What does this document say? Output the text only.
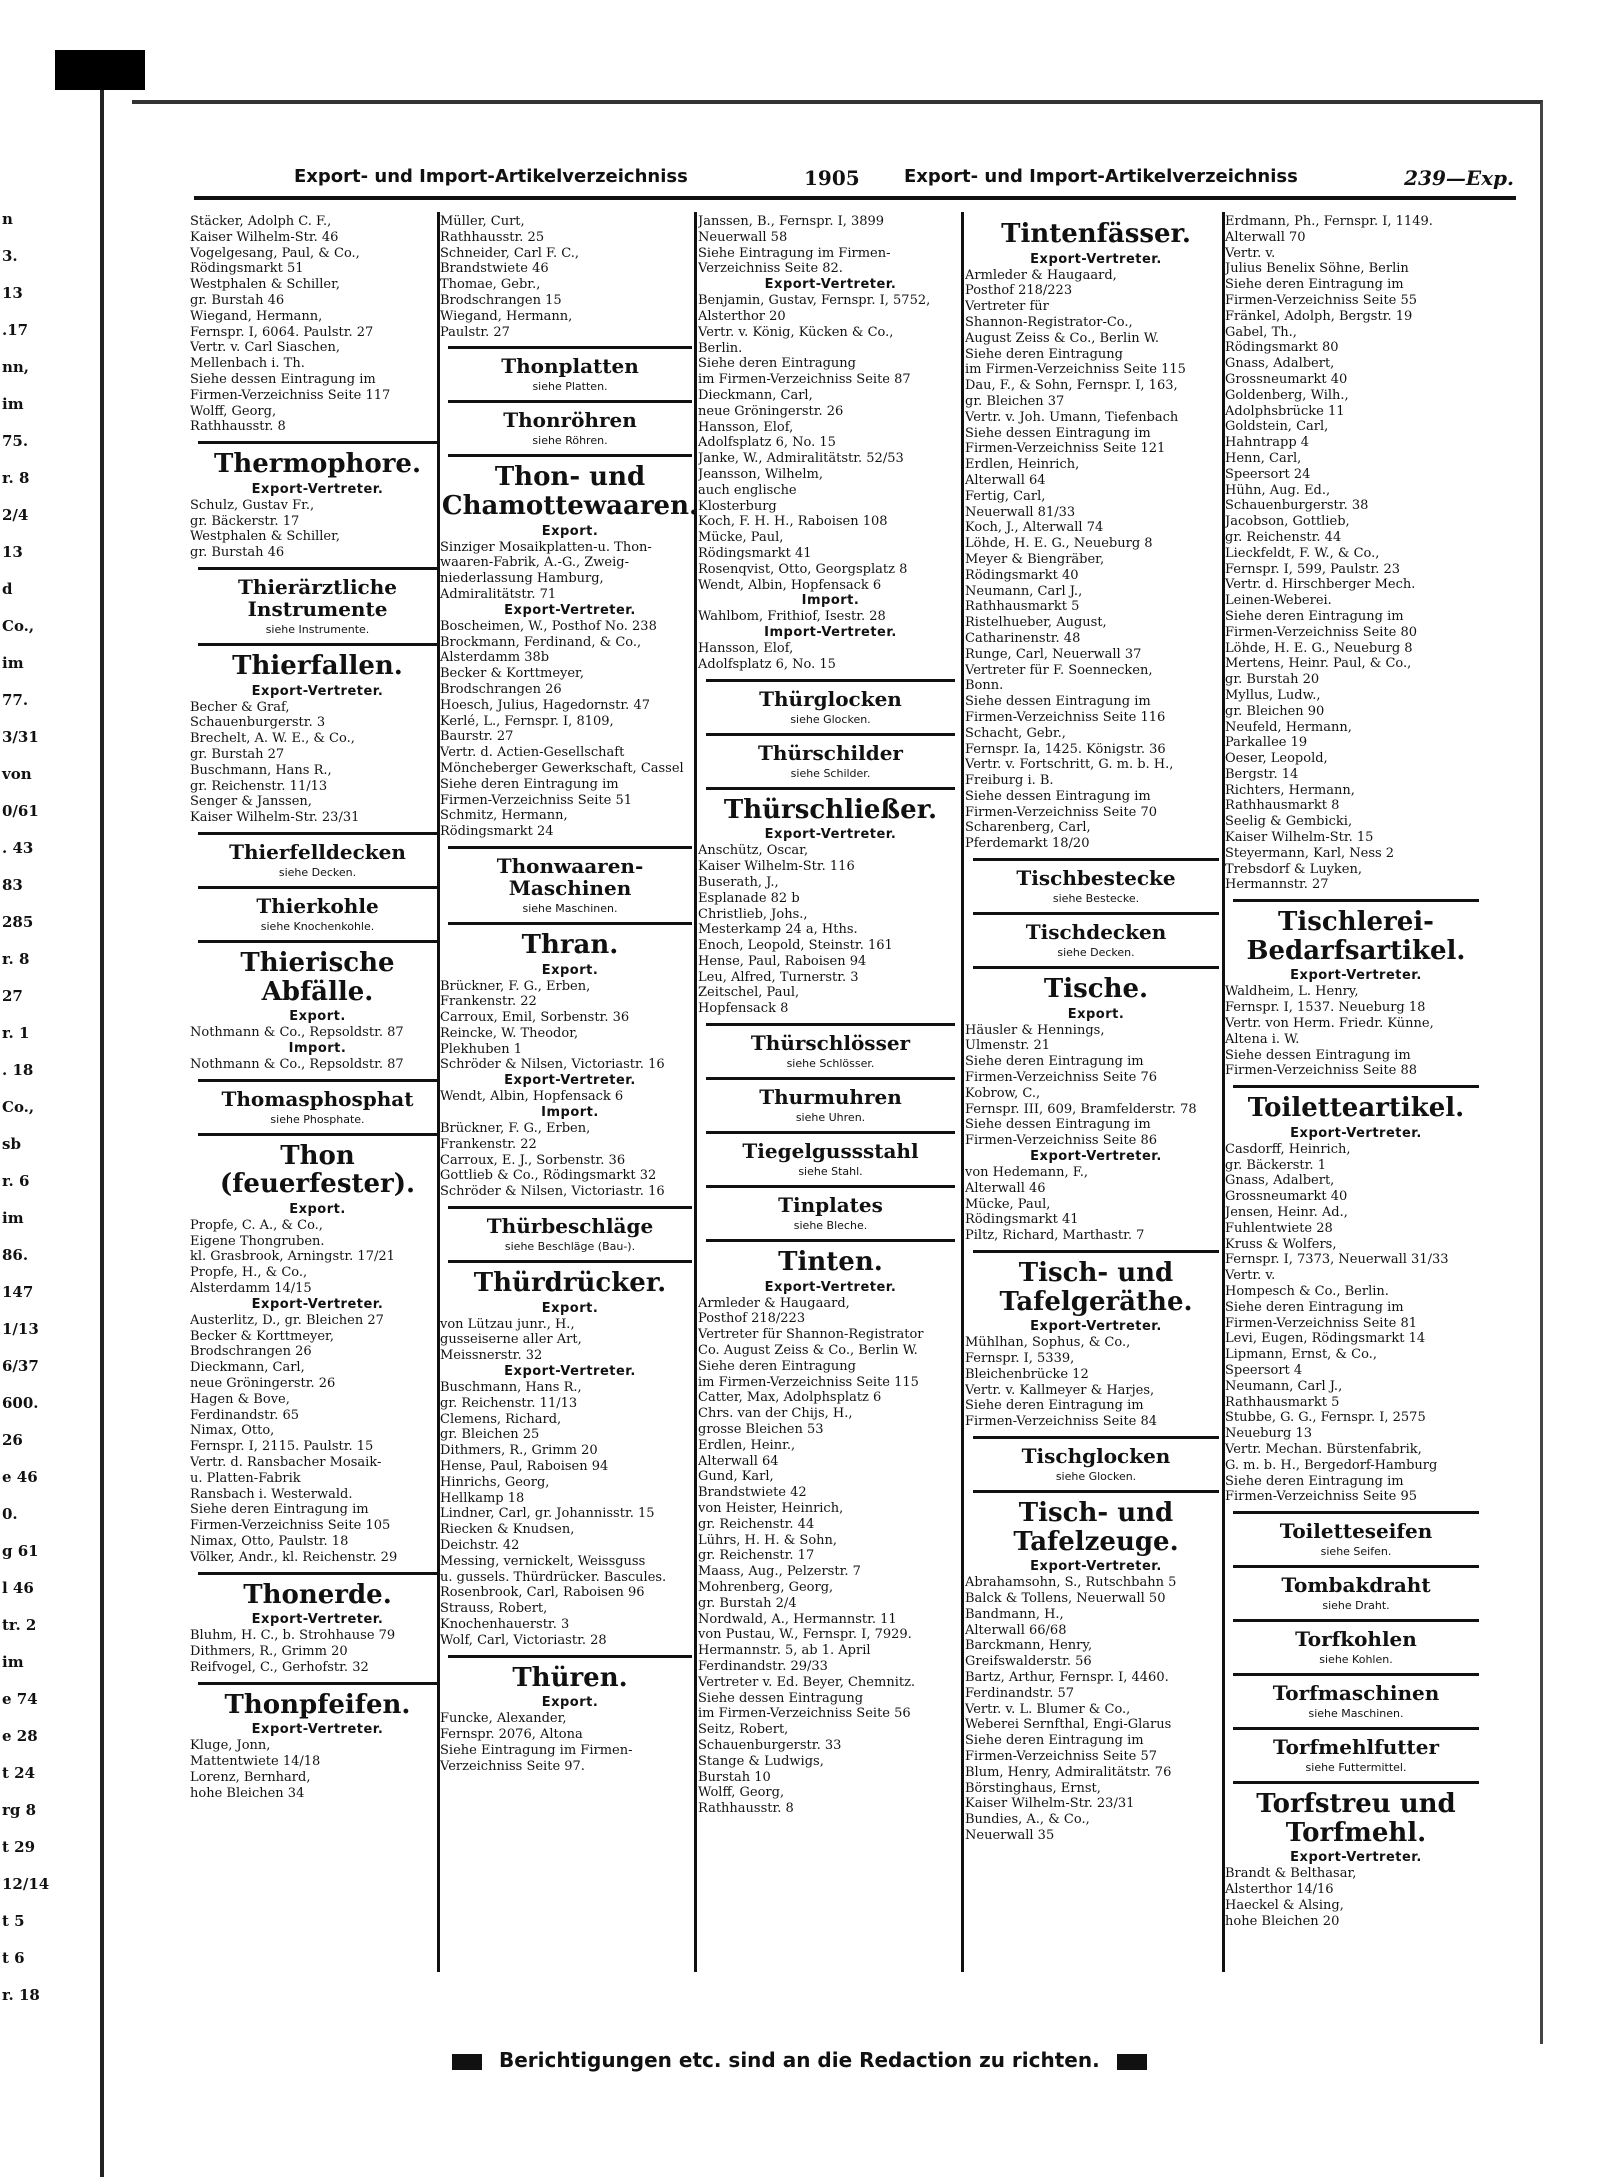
n
3.
13
.17
nn,
im
75.
r. 8
2/4
13
d
Co.,
im
77.
3/31
von
0/61
. 43
83
285
r. 8
27
r. 1
. 18
Co.,
sb
r. 6
im
86.
147
1/13
6/37
600.
26
e 46
0.
g 61
l 46
tr. 2
im
e 74
e 28
t 24
rg 8
t 29
12/14
t 5
t 6
r. 18
Export- und Import-Artikelverzeichniss	1905 Export- und Import-Artikelverzeichniss	239—Exp.
Stäcker, Adolph C. F.,
Kaiser Wilhelm-Str. 46
Vogelgesang, Paul, & Co.,
Rödingsmarkt 51
Westphalen & Schiller,
gr. Burstah 46
Wiegand, Hermann,
Fernspr. I, 6064. Paulstr. 27
Vertr. v. Carl Siaschen,
Mellenbach i. Th.
Siehe dessen Eintragung im
Firmen-Verzeichniss Seite 117
Wolff, Georg,
Rathhausstr. 8
Thermophore.
Export-Vertreter.
Schulz, Gustav Fr.,
gr. Bäckerstr. 17
Westphalen & Schiller,
gr. Burstah 46
Thierärztliche Instrumente
siehe Instrumente.
Thierfallen.
Export-Vertreter.
Becher & Graf,
Schauenburgerstr. 3
Brechelt, A. W. E., & Co.,
gr. Burstah 27
Buschmann, Hans R.,
gr. Reichenstr. 11/13
Senger & Janssen,
Kaiser Wilhelm-Str. 23/31
Thierfelldecken
siehe Decken.
Thierkohle
siehe Knochenkohle.
Thierische Abfälle.
Export.
Nothmann & Co., Repsoldstr. 87
Import.
Nothmann & Co., Repsoldstr. 87
Thomasphosphat
siehe Phosphate.
Thon (feuerfester).
Export.
Propfe, C. A., & Co.,
Eigene Thongruben.
kl. Grasbrook, Arningstr. 17/21
Propfe, H., & Co.,
Alsterdamm 14/15
Export-Vertreter.
Austerlitz, D., gr. Bleichen 27
Becker & Korttmeyer,
Brodschrangen 26
Dieckmann, Carl,
neue Gröningerstr. 26
Hagen & Bove,
Ferdinandstr. 65
Nimax, Otto,
Fernspr. I, 2115. Paulstr. 15
Vertr. d. Ransbacher Mosaik-
u. Platten-Fabrik
Ransbach i. Westerwald.
Siehe deren Eintragung im
Firmen-Verzeichniss Seite 105
Nimax, Otto, Paulstr. 18
Völker, Andr., kl. Reichenstr. 29
Thonerde.
Export-Vertreter.
Bluhm, H. C., b. Strohhause 79
Dithmers, R., Grimm 20
Reifvogel, C., Gerhofstr. 32
Thonpfeifen.
Export-Vertreter.
Kluge, Jonn,
Mattentwiete 14/18
Lorenz, Bernhard,
hohe Bleichen 34
Müller, Curt,
Rathhausstr. 25
Schneider, Carl F. C.,
Brandstwiete 46
Thomae, Gebr.,
Brodschrangen 15
Wiegand, Hermann,
Paulstr. 27
Thonplatten
siehe Platten.
Thonröhren
siehe Röhren.
Thon- und Chamottewaaren.
Export.
Sinziger Mosaikplatten-u. Thon-
waaren-Fabrik, A.-G., Zweig-
niederlassung Hamburg,
Admiralitätstr. 71
Export-Vertreter.
Boscheimen, W., Posthof No. 238
Brockmann, Ferdinand, & Co.,
Alsterdamm 38b
Becker & Korttmeyer,
Brodschrangen 26
Hoesch, Julius, Hagedornstr. 47
Kerlé, L., Fernspr. I, 8109,
Baurstr. 27
Vertr. d. Actien-Gesellschaft
Möncheberger Gewerkschaft, Cassel
Siehe deren Eintragung im
Firmen-Verzeichniss Seite 51
Schmitz, Hermann,
Rödingsmarkt 24
Thonwaaren-Maschinen
siehe Maschinen.
Thran.
Export.
Brückner, F. G., Erben,
Frankenstr. 22
Carroux, Emil, Sorbenstr. 36
Reincke, W. Theodor,
Plekhuben 1
Schröder & Nilsen, Victoriastr. 16
Export-Vertreter.
Wendt, Albin, Hopfensack 6
Import.
Brückner, F. G., Erben,
Frankenstr. 22
Carroux, E. J., Sorbenstr. 36
Gottlieb & Co., Rödingsmarkt 32
Schröder & Nilsen, Victoriastr. 16
Thürbeschläge
siehe Beschläge (Bau-).
Thürdrücker.
Export.
von Lützau junr., H.,
gusseiserne aller Art,
Meissnerstr. 32
Export-Vertreter.
Buschmann, Hans R.,
gr. Reichenstr. 11/13
Clemens, Richard,
gr. Bleichen 25
Dithmers, R., Grimm 20
Hense, Paul, Raboisen 94
Hinrichs, Georg,
Hellkamp 18
Lindner, Carl, gr. Johannisstr. 15
Riecken & Knudsen,
Deichstr. 42
Messing, vernickelt, Weissguss
u. gussels. Thürdrücker. Bascules.
Rosenbrook, Carl, Raboisen 96
Strauss, Robert,
Knochenhauerstr. 3
Wolf, Carl, Victoriastr. 28
Thüren.
Export.
Funcke, Alexander,
Fernspr. 2076, Altona
Siehe Eintragung im Firmen-
Verzeichniss Seite 97.
Janssen, B., Fernspr. I, 3899
Neuerwall 58
Siehe Eintragung im Firmen-
Verzeichniss Seite 82.
Export-Vertreter.
Benjamin, Gustav, Fernspr. I, 5752,
Alsterthor 20
Vertr. v. König, Kücken & Co.,
Berlin.
Siehe deren Eintragung
im Firmen-Verzeichniss Seite 87
Dieckmann, Carl,
neue Gröningerstr. 26
Hansson, Elof,
Adolfsplatz 6, No. 15
Janke, W., Admiralitätstr. 52/53
Jeansson, Wilhelm,
auch englische
Klosterburg
Koch, F. H. H., Raboisen 108
Mücke, Paul,
Rödingsmarkt 41
Rosenqvist, Otto, Georgsplatz 8
Wendt, Albin, Hopfensack 6
Import.
Wahlbom, Frithiof, Isestr. 28
Import-Vertreter.
Hansson, Elof,
Adolfsplatz 6, No. 15
Thürglocken
siehe Glocken.
Thürschilder
siehe Schilder.
Thürschließer.
Export-Vertreter.
Anschütz, Oscar,
Kaiser Wilhelm-Str. 116
Buserath, J.,
Esplanade 82 b
Christlieb, Johs.,
Mesterkamp 24 a, Hths.
Enoch, Leopold, Steinstr. 161
Hense, Paul, Raboisen 94
Leu, Alfred, Turnerstr. 3
Zeitschel, Paul,
Hopfensack 8
Thürschlösser
siehe Schlösser.
Thurmuhren
siehe Uhren.
Tiegelgussstahl
siehe Stahl.
Tinplates
siehe Bleche.
Tinten.
Export-Vertreter.
Armleder & Haugaard,
Posthof 218/223
Vertreter für Shannon-Registrator
Co. August Zeiss & Co., Berlin W.
Siehe deren Eintragung
im Firmen-Verzeichniss Seite 115
Catter, Max, Adolphsplatz 6
Chrs. van der Chijs, H.,
grosse Bleichen 53
Erdlen, Heinr.,
Alterwall 64
Gund, Karl,
Brandstwiete 42
von Heister, Heinrich,
gr. Reichenstr. 44
Lührs, H. H. & Sohn,
gr. Reichenstr. 17
Maass, Aug., Pelzerstr. 7
Mohrenberg, Georg,
gr. Burstah 2/4
Nordwald, A., Hermannstr. 11
von Pustau, W., Fernspr. I, 7929.
Hermannstr. 5, ab 1. April
Ferdinandstr. 29/33
Vertreter v. Ed. Beyer, Chemnitz.
Siehe dessen Eintragung
im Firmen-Verzeichniss Seite 56
Seitz, Robert,
Schauenburgerstr. 33
Stange & Ludwigs,
Burstah 10
Wolff, Georg,
Rathhausstr. 8
Tintenfässer.
Export-Vertreter.
Armleder & Haugaard,
Posthof 218/223
Vertreter für
Shannon-Registrator-Co.,
August Zeiss & Co., Berlin W.
Siehe deren Eintragung
im Firmen-Verzeichniss Seite 115
Dau, F., & Sohn, Fernspr. I, 163,
gr. Bleichen 37
Vertr. v. Joh. Umann, Tiefenbach
Siehe dessen Eintragung im
Firmen-Verzeichniss Seite 121
Erdlen, Heinrich,
Alterwall 64
Fertig, Carl,
Neuerwall 81/33
Koch, J., Alterwall 74
Löhde, H. E. G., Neueburg 8
Meyer & Biengräber,
Rödingsmarkt 40
Neumann, Carl J.,
Rathhausmarkt 5
Ristelhueber, August,
Catharinenstr. 48
Runge, Carl, Neuerwall 37
Vertreter für F. Soennecken,
Bonn.
Siehe dessen Eintragung im
Firmen-Verzeichniss Seite 116
Schacht, Gebr.,
Fernspr. Ia, 1425. Königstr. 36
Vertr. v. Fortschritt, G. m. b. H.,
Freiburg i. B.
Siehe dessen Eintragung im
Firmen-Verzeichniss Seite 70
Scharenberg, Carl,
Pferdemarkt 18/20
Tischbestecke
siehe Bestecke.
Tischdecken
siehe Decken.
Tische.
Export.
Häusler & Hennings,
Ulmenstr. 21
Siehe deren Eintragung im
Firmen-Verzeichniss Seite 76
Kobrow, C.,
Fernspr. III, 609, Bramfelderstr. 78
Siehe dessen Eintragung im
Firmen-Verzeichniss Seite 86
Export-Vertreter.
von Hedemann, F.,
Alterwall 46
Mücke, Paul,
Rödingsmarkt 41
Piltz, Richard, Marthastr. 7
Tisch- und Tafelgeräthe.
Export-Vertreter.
Mühlhan, Sophus, & Co.,
Fernspr. I, 5339,
Bleichenbrücke 12
Vertr. v. Kallmeyer & Harjes,
Siehe deren Eintragung im
Firmen-Verzeichniss Seite 84
Tischglocken
siehe Glocken.
Tisch- und Tafelzeuge.
Export-Vertreter.
Abrahamsohn, S., Rutschbahn 5
Balck & Tollens, Neuerwall 50
Bandmann, H.,
Alterwall 66/68
Barckmann, Henry,
Greifswalderstr. 56
Bartz, Arthur, Fernspr. I, 4460.
Ferdinandstr. 57
Vertr. v. L. Blumer & Co.,
Weberei Sernfthal, Engi-Glarus
Siehe deren Eintragung im
Firmen-Verzeichniss Seite 57
Blum, Henry, Admiralitätstr. 76
Börstinghaus, Ernst,
Kaiser Wilhelm-Str. 23/31
Bundies, A., & Co.,
Neuerwall 35
Erdmann, Ph., Fernspr. I, 1149.
Alterwall 70
Vertr. v.
Julius Benelix Söhne, Berlin
Siehe deren Eintragung im
Firmen-Verzeichniss Seite 55
Fränkel, Adolph, Bergstr. 19
Gabel, Th.,
Rödingsmarkt 80
Gnass, Adalbert,
Grossneumarkt 40
Goldenberg, Wilh.,
Adolphsbrücke 11
Goldstein, Carl,
Hahntrapp 4
Henn, Carl,
Speersort 24
Hühn, Aug. Ed.,
Schauenburgerstr. 38
Jacobson, Gottlieb,
gr. Reichenstr. 44
Lieckfeldt, F. W., & Co.,
Fernspr. I, 599, Paulstr. 23
Vertr. d. Hirschberger Mech.
Leinen-Weberei.
Siehe deren Eintragung im
Firmen-Verzeichniss Seite 80
Löhde, H. E. G., Neueburg 8
Mertens, Heinr. Paul, & Co.,
gr. Burstah 20
Myllus, Ludw.,
gr. Bleichen 90
Neufeld, Hermann,
Parkallee 19
Oeser, Leopold,
Bergstr. 14
Richters, Hermann,
Rathhausmarkt 8
Seelig & Gembicki,
Kaiser Wilhelm-Str. 15
Steyermann, Karl, Ness 2
Trebsdorf & Luyken,
Hermannstr. 27
Tischlerei-Bedarfsartikel.
Export-Vertreter.
Waldheim, L. Henry,
Fernspr. I, 1537. Neueburg 18
Vertr. von Herm. Friedr. Künne,
Altena i. W.
Siehe dessen Eintragung im
Firmen-Verzeichniss Seite 88
Toiletteartikel.
Export-Vertreter.
Casdorff, Heinrich,
gr. Bäckerstr. 1
Gnass, Adalbert,
Grossneumarkt 40
Jensen, Heinr. Ad.,
Fuhlentwiete 28
Kruss & Wolfers,
Fernspr. I, 7373, Neuerwall 31/33
Vertr. v.
Hompesch & Co., Berlin.
Siehe deren Eintragung im
Firmen-Verzeichniss Seite 81
Levi, Eugen, Rödingsmarkt 14
Lipmann, Ernst, & Co.,
Speersort 4
Neumann, Carl J.,
Rathhausmarkt 5
Stubbe, G. G., Fernspr. I, 2575
Neueburg 13
Vertr. Mechan. Bürstenfabrik,
G. m. b. H., Bergedorf-Hamburg
Siehe deren Eintragung im
Firmen-Verzeichniss Seite 95
Toiletteseifen
siehe Seifen.
Tombakdraht
siehe Draht.
Torfkohlen
siehe Kohlen.
Torfmaschinen
siehe Maschinen.
Torfmehlfutter
siehe Futtermittel.
Torfstreu und Torfmehl.
Export-Vertreter.
Brandt & Belthasar,
Alsterthor 14/16
Haeckel & Alsing,
hohe Bleichen 20
Berichtigungen etc. sind an die Redaction zu richten.
